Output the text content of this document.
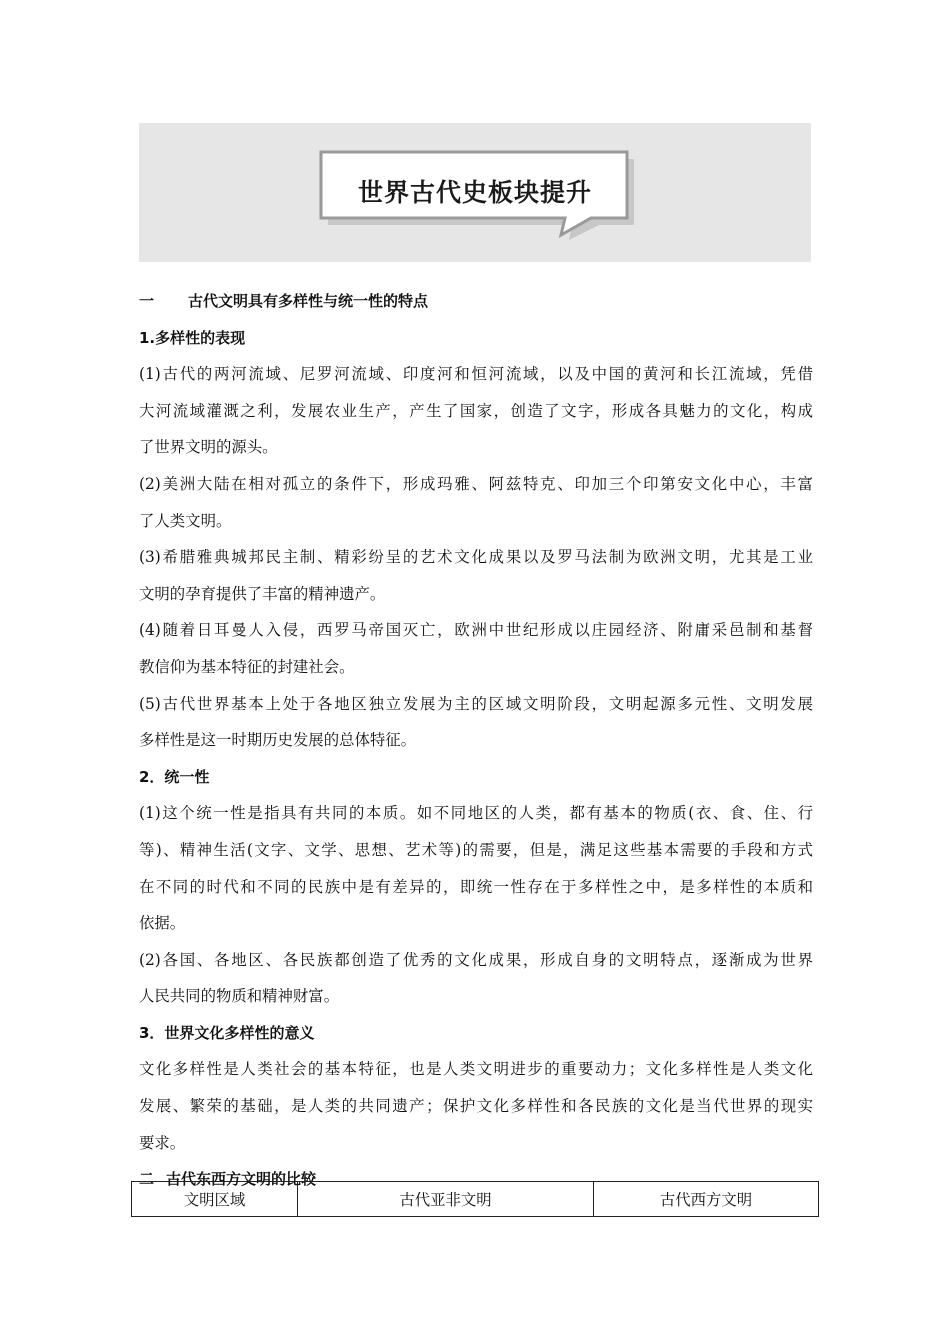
世界古代史板块提升
一 古代文明具有多样性与统一性的特点
1.多样性的表现
(1)古代的两河流域、尼罗河流域、印度河和恒河流域，以及中国的黄河和长江流域，凭借
大河流域灌溉之利，发展农业生产，产生了国家，创造了文字，形成各具魅力的文化，构成
了世界文明的源头。
(2)美洲大陆在相对孤立的条件下，形成玛雅、阿兹特克、印加三个印第安文化中心，丰富
了人类文明。
(3)希腊雅典城邦民主制、精彩纷呈的艺术文化成果以及罗马法制为欧洲文明，尤其是工业
文明的孕育提供了丰富的精神遗产。
(4)随着日耳曼人入侵，西罗马帝国灭亡，欧洲中世纪形成以庄园经济、附庸采邑制和基督
教信仰为基本特征的封建社会。
(5)古代世界基本上处于各地区独立发展为主的区域文明阶段，文明起源多元性、文明发展
多样性是这一时期历史发展的总体特征。
2．统一性
(1)这个统一性是指具有共同的本质。如不同地区的人类，都有基本的物质(衣、食、住、行
等)、精神生活(文字、文学、思想、艺术等)的需要，但是，满足这些基本需要的手段和方式
在不同的时代和不同的民族中是有差异的，即统一性存在于多样性之中，是多样性的本质和
依据。
(2)各国、各地区、各民族都创造了优秀的文化成果，形成自身的文明特点，逐渐成为世界
人民共同的物质和精神财富。
3．世界文化多样性的意义
文化多样性是人类社会的基本特征，也是人类文明进步的重要动力；文化多样性是人类文化
发展、繁荣的基础，是人类的共同遗产；保护文化多样性和各民族的文化是当代世界的现实
要求。
二 古代东西方文明的比较
文明区域	古代亚非文明	古代西方文明
